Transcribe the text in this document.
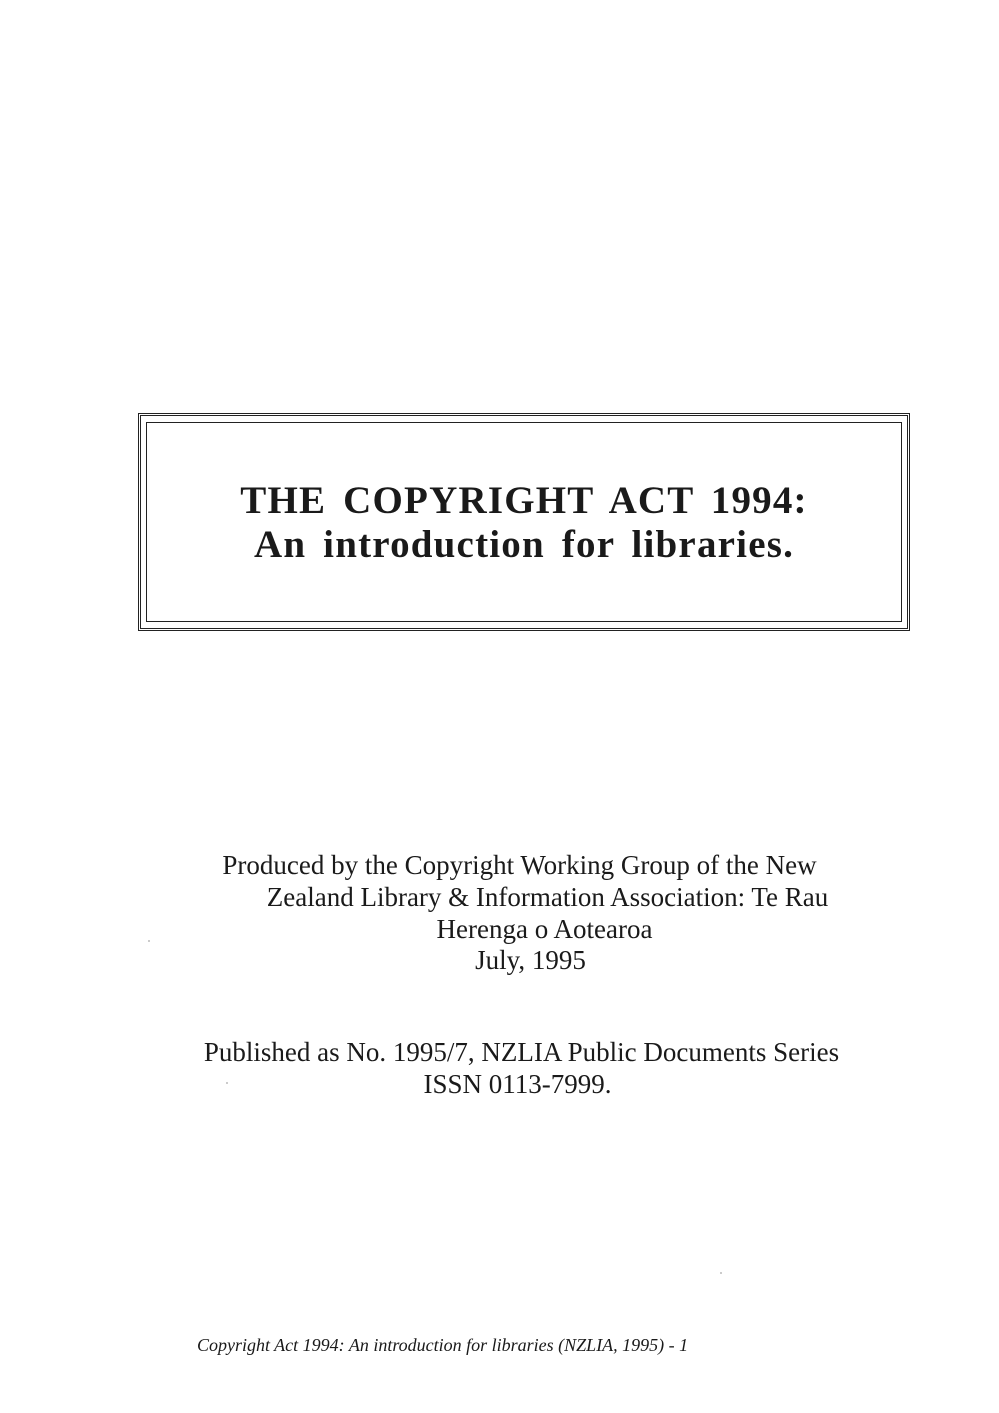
THE COPYRIGHT ACT 1994:
An introduction for libraries.
Produced by the Copyright Working Group of the New
Zealand Library & Information Association: Te Rau
Herenga o Aotearoa
July, 1995
Published as No. 1995/7, NZLIA Public Documents Series
ISSN 0113-7999.
Copyright Act 1994: An introduction for libraries (NZLIA, 1995) - 1
